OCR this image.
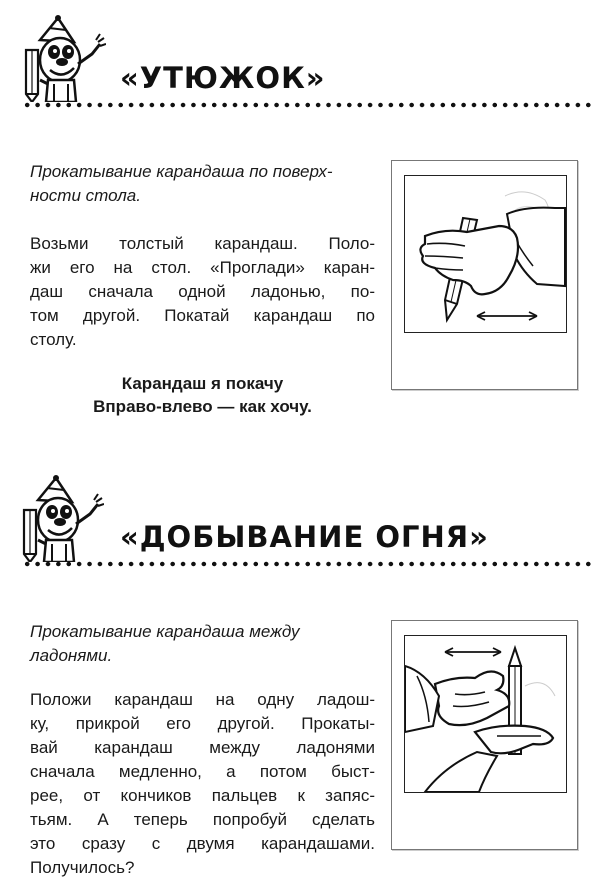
«УТЮЖОК»
Прокатывание карандаша по поверх-
ности стола.
Возьми толстый карандаш. Поло-
жи его на стол. «Проглади» каран-
даш сначала одной ладонью, по-
том другой. Покатай карандаш по
столу.
Карандаш я покачу
Вправо-влево — как хочу.
«ДОБЫВАНИЕ ОГНЯ»
Прокатывание карандаша между
ладонями.
Положи карандаш на одну ладош-
ку, прикрой его другой. Прокаты-
вай карандаш между ладонями
сначала медленно, а потом быст-
рее, от кончиков пальцев к запяс-
тьям. А теперь попробуй сделать
это сразу с двумя карандашами.
Получилось?
